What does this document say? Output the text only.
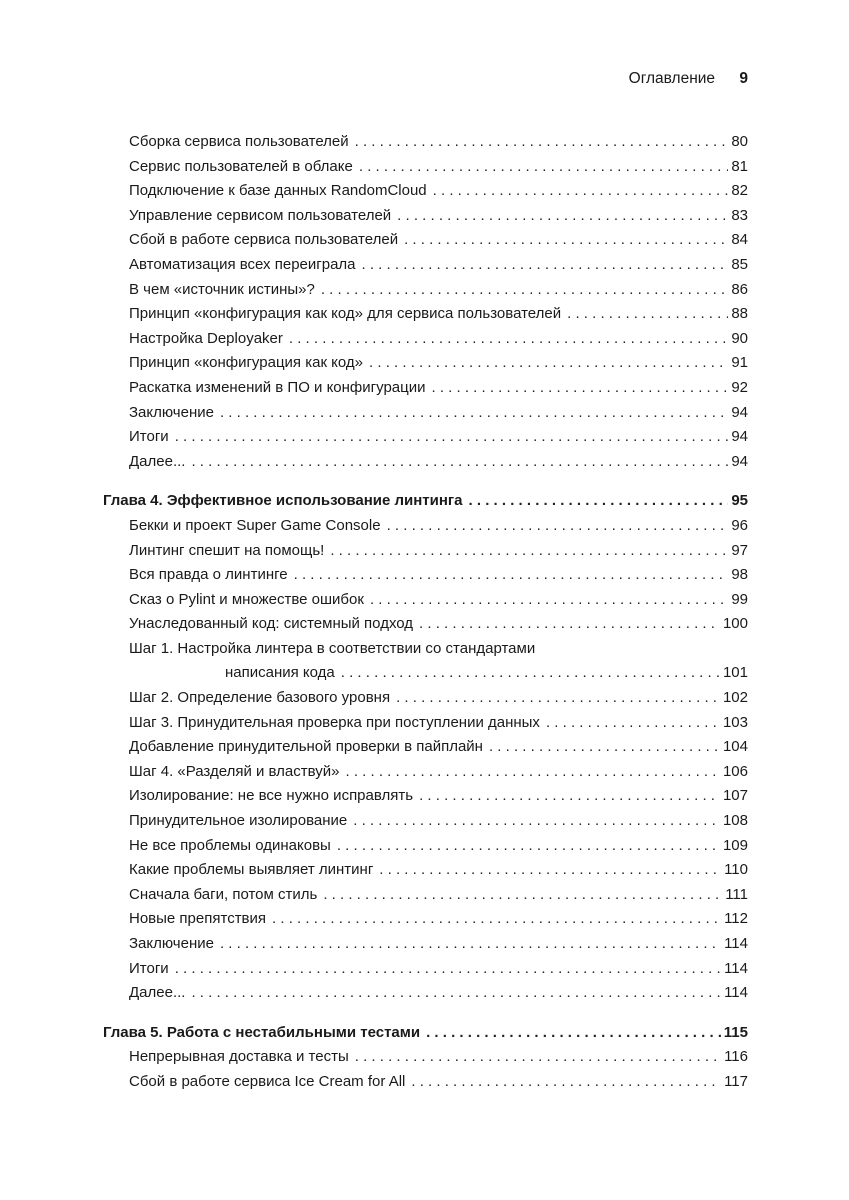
Оглавление 9
Сборка сервиса пользователей . . .	80
Сервис пользователей в облаке . . .	81
Подключение к базе данных RandomCloud . . .	82
Управление сервисом пользователей . . .	83
Сбой в работе сервиса пользователей . . .	84
Автоматизация всех переиграла . . .	85
В чем «источник истины»? . . .	86
Принцип «конфигурация как код» для сервиса пользователей . . .	88
Настройка Deployaker . . .	90
Принцип «конфигурация как код» . . .	91
Раскатка изменений в ПО и конфигурации . . .	92
Заключение . . .	94
Итоги . . .	94
Далее... . . .	94
Глава 4. Эффективное использование линтинга . . .	95
Бекки и проект Super Game Console . . .	96
Линтинг спешит на помощь! . . .	97
Вся правда о линтинге . . .	98
Сказ о Pylint и множестве ошибок . . .	99
Унаследованный код: системный подход . . .	100
Шаг 1. Настройка линтера в соответствии со стандартами
написания кода . . .	101
Шаг 2. Определение базового уровня . . .	102
Шаг 3. Принудительная проверка при поступлении данных . . .	103
Добавление принудительной проверки в пайплайн . . .	104
Шаг 4. «Разделяй и властвуй» . . .	106
Изолирование: не все нужно исправлять . . .	107
Принудительное изолирование . . .	108
Не все проблемы одинаковы . . .	109
Какие проблемы выявляет линтинг . . .	110
Сначала баги, потом стиль . . .	111
Новые препятствия . . .	112
Заключение . . .	114
Итоги . . .	114
Далее... . . .	114
Глава 5. Работа с нестабильными тестами . . .	115
Непрерывная доставка и тесты . . .	116
Сбой в работе сервиса Ice Cream for All . . .	117
